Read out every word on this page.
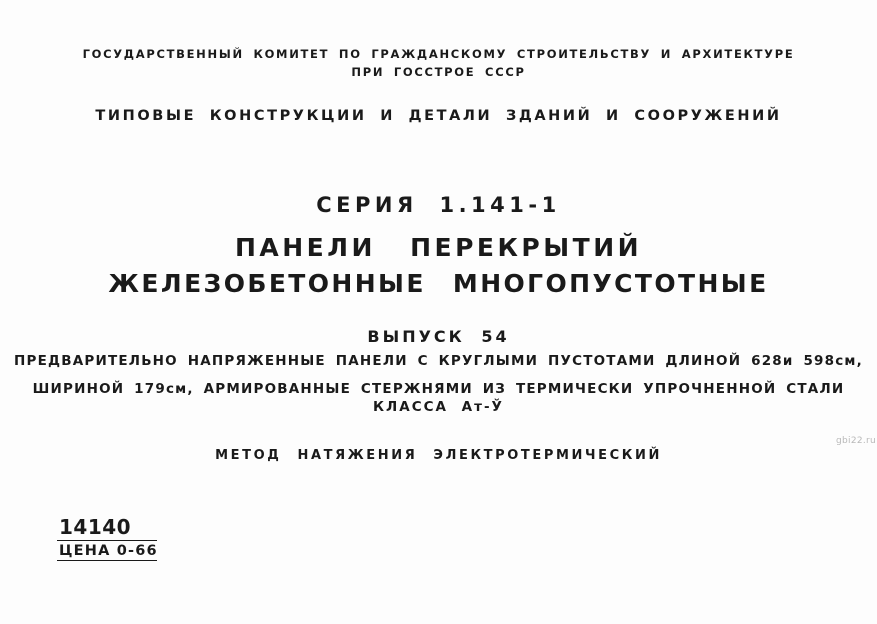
ГОСУДАРСТВЕННЫЙ КОМИТЕТ ПО ГРАЖДАНСКОМУ СТРОИТЕЛЬСТВУ И АРХИТЕКТУРЕ
ПРИ ГОССТРОЕ СССР
ТИПОВЫЕ КОНСТРУКЦИИ И ДЕТАЛИ ЗДАНИЙ И СООРУЖЕНИЙ
СЕРИЯ 1.141-1
ПАНЕЛИ ПЕРЕКРЫТИЙ
ЖЕЛЕЗОБЕТОННЫЕ МНОГОПУСТОТНЫЕ
ВЫПУСК 54
ПРЕДВАРИТЕЛЬНО НАПРЯЖЕННЫЕ ПАНЕЛИ С КРУГЛЫМИ ПУСТОТАМИ ДЛИНОЙ 628и 598см,
ШИРИНОЙ 179см, АРМИРОВАННЫЕ СТЕРЖНЯМИ ИЗ ТЕРМИЧЕСКИ УПРОЧНЕННОЙ СТАЛИ
КЛАССА Ат-Ў
МЕТОД НАТЯЖЕНИЯ ЭЛЕКТРОТЕРМИЧЕСКИЙ
gbi22.ru
14140
ЦЕНА 0-66
